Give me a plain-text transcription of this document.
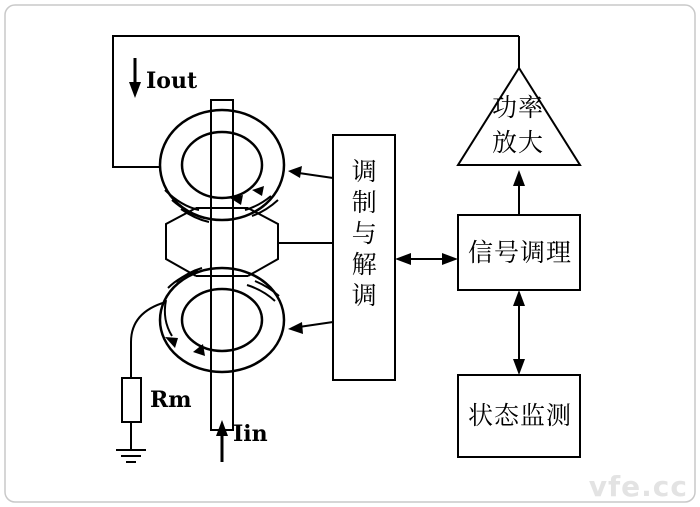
Iout
Iin
Rm
调制与解调
功率
放大
信号调理
状态监测
vfe.cc
